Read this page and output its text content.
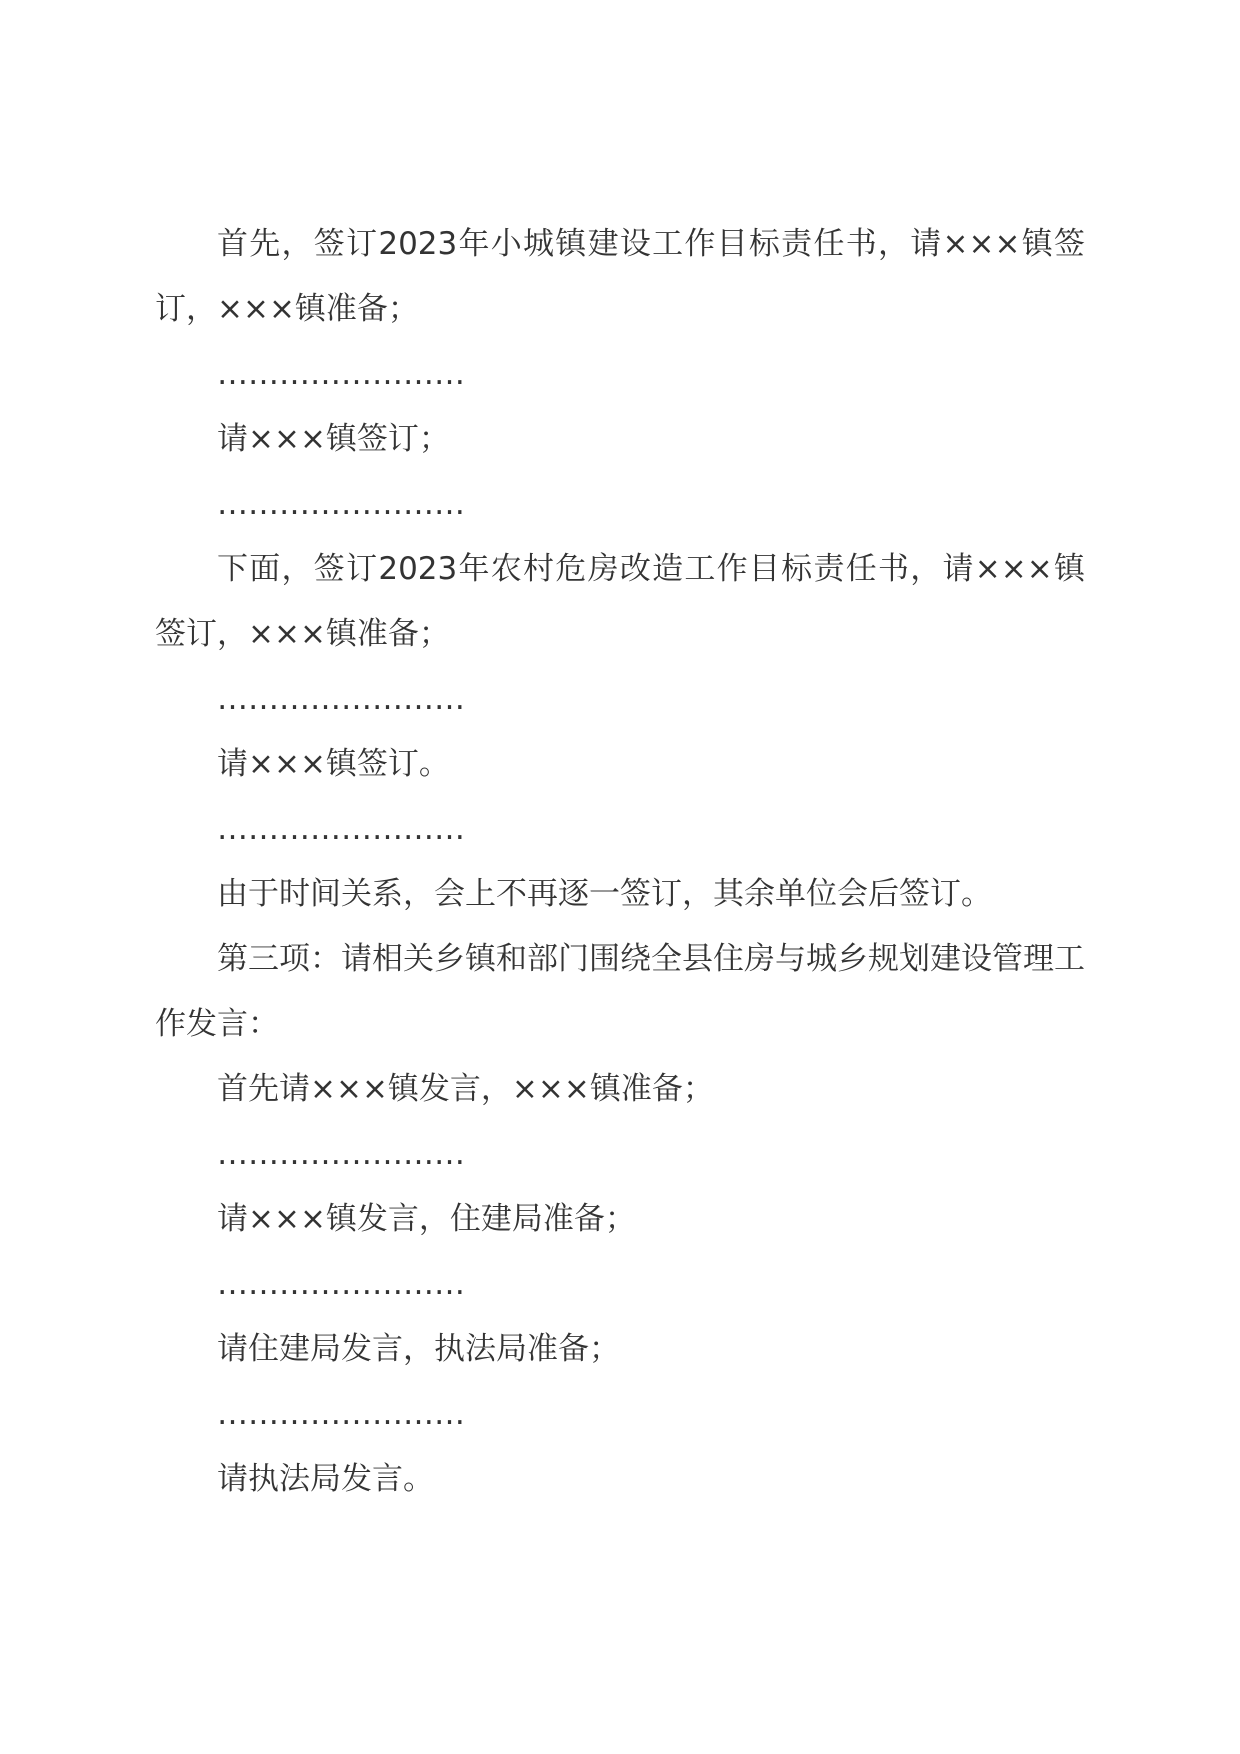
首先，签订2023年小城镇建设工作目标责任书，请×××镇签订，×××镇准备；

……………………

请×××镇签订；

……………………

下面，签订2023年农村危房改造工作目标责任书，请×××镇签订，×××镇准备；

……………………

请×××镇签订。

……………………

由于时间关系，会上不再逐一签订，其余单位会后签订。

第三项：请相关乡镇和部门围绕全县住房与城乡规划建设管理工作发言：

首先请×××镇发言，×××镇准备；

……………………

请×××镇发言，住建局准备；

……………………

请住建局发言，执法局准备；

……………………

请执法局发言。
